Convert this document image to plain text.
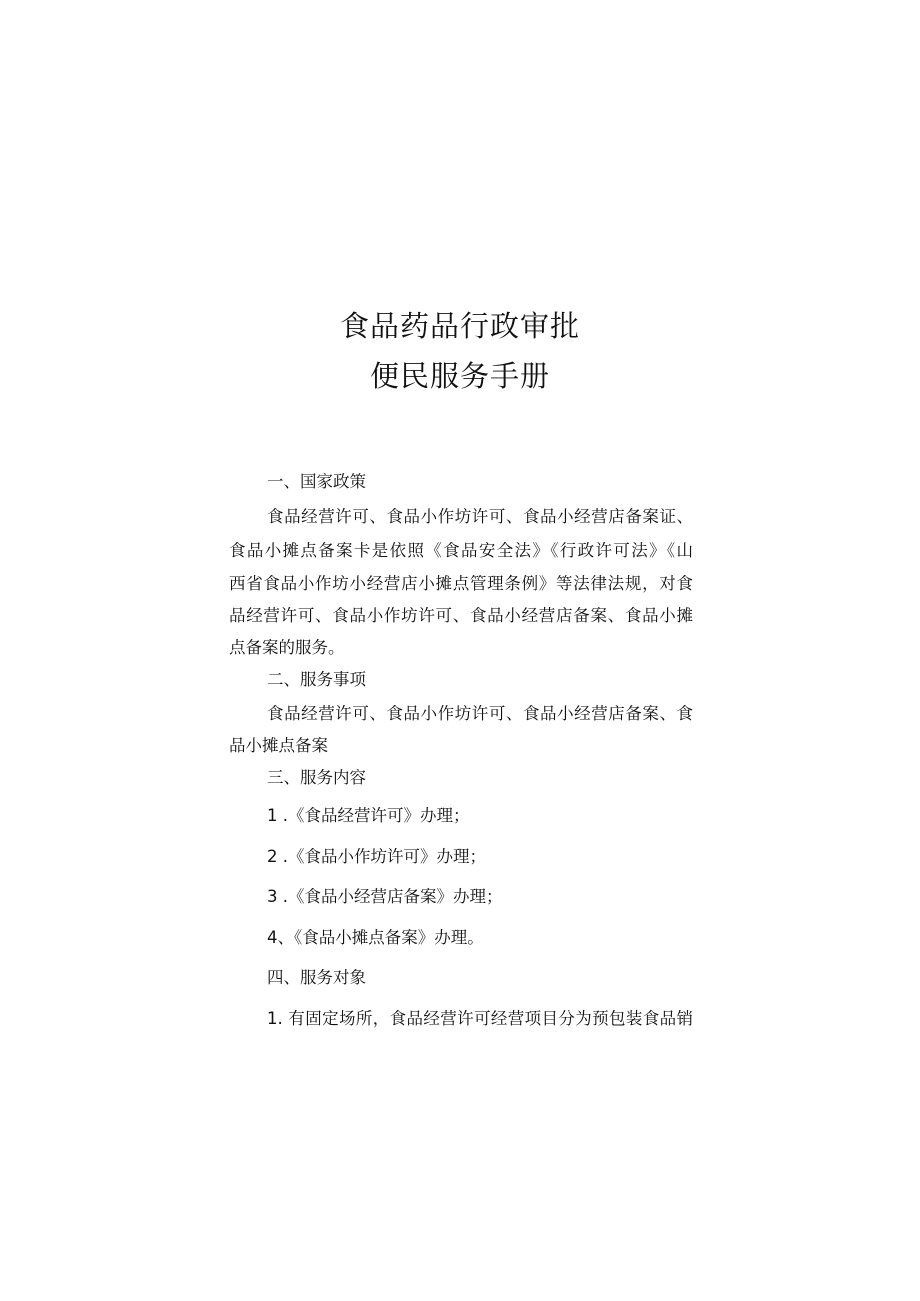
食品药品行政审批
便民服务手册
一、国家政策
食品经营许可、食品小作坊许可、食品小经营店备案证、
食品小摊点备案卡是依照《食品安全法》《行政许可法》《山
西省食品小作坊小经营店小摊点管理条例》等法律法规，对食
品经营许可、食品小作坊许可、食品小经营店备案、食品小摊
点备案的服务。
二、服务事项
食品经营许可、食品小作坊许可、食品小经营店备案、食
品小摊点备案
三、服务内容
1 .《食品经营许可》办理；
2 .《食品小作坊许可》办理；
3 .《食品小经营店备案》办理；
4、《食品小摊点备案》办理。
四、服务对象
1. 有固定场所，食品经营许可经营项目分为预包装食品销
